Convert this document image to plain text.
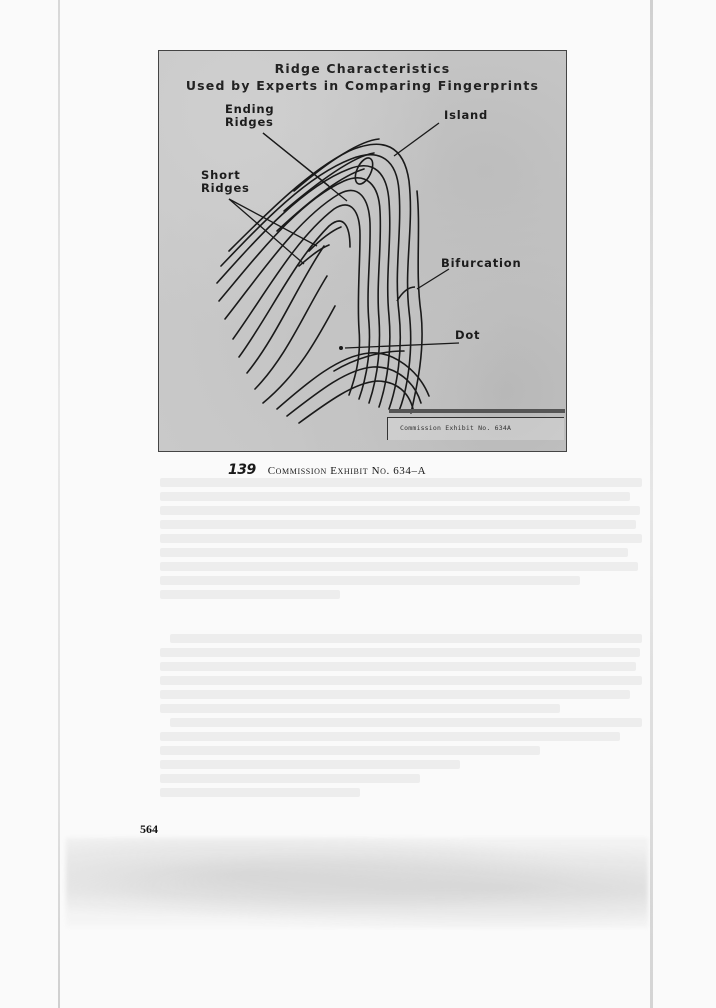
Ridge Characteristics
Used by Experts in Comparing Fingerprints
Ending
Ridges
Short
Ridges
Island
Bifurcation
Dot
Commission Exhibit No. 634A
139 Commission Exhibit No. 634–A
564
